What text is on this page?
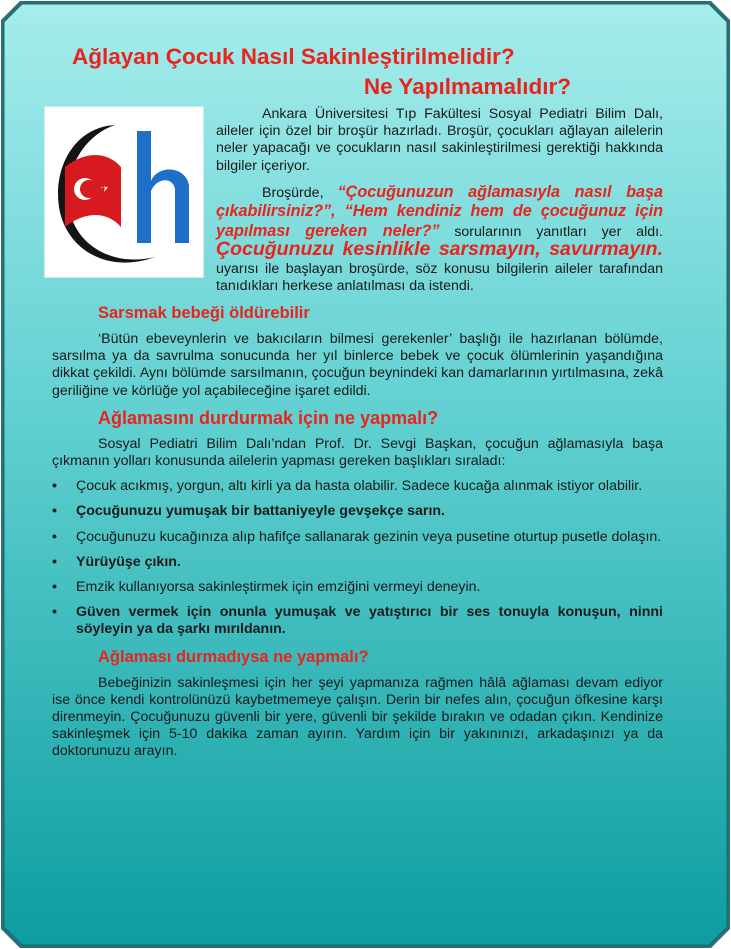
Ağlayan Çocuk Nasıl Sakinleştirilmelidir?
Ne Yapılmamalıdır?

Ankara Üniversitesi Tıp Fakültesi Sosyal Pediatri Bilim Dalı, aileler için özel bir broşür hazırladı. Broşür, çocukları ağlayan ailelerin neler yapacağı ve çocukların nasıl sakinleştirilmesi gerektiği hakkında bilgiler içeriyor.

Broşürde, “Çocuğunuzun ağlamasıyla nasıl başa çıkabilirsiniz?”, “Hem kendiniz hem de çocuğunuz için yapılması gereken neler?” sorularının yanıtları yer aldı. Çocuğunuzu kesinlikle sarsmayın, savurmayın. uyarısı ile başlayan broşürde, söz konusu bilgilerin aileler tarafından tanıdıkları herkese anlatılması da istendi.

Sarsmak bebeği öldürebilir

‘Bütün ebeveynlerin ve bakıcıların bilmesi gerekenler’ başlığı ile hazırlanan bölümde, sarsılma ya da savrulma sonucunda her yıl binlerce bebek ve çocuk ölümlerinin yaşandığına dikkat çekildi. Aynı bölümde sarsılmanın, çocuğun beynindeki kan damarlarının yırtılmasına, zekâ geriliğine ve körlüğe yol açabileceğine işaret edildi.

Ağlamasını durdurmak için ne yapmalı?

Sosyal Pediatri Bilim Dalı’ndan Prof. Dr. Sevgi Başkan, çocuğun ağlamasıyla başa çıkmanın yolları konusunda ailelerin yapması gereken başlıkları sıraladı:

• Çocuk acıkmış, yorgun, altı kirli ya da hasta olabilir. Sadece kucağa alınmak istiyor olabilir.
• Çocuğunuzu yumuşak bir battaniyeyle gevşekçe sarın.
• Çocuğunuzu kucağınıza alıp hafifçe sallanarak gezinin veya pusetine oturtup pusetle dolaşın.
• Yürüyüşe çıkın.
• Emzik kullanıyorsa sakinleştirmek için emziğini vermeyi deneyin.
• Güven vermek için onunla yumuşak ve yatıştırıcı bir ses tonuyla konuşun, ninni söyleyin ya da şarkı mırıldanın.
Ağlaması durmadıysa ne yapmalı?

Bebeğinizin sakinleşmesi için her şeyi yapmanıza rağmen hâlâ ağlaması devam ediyor ise önce kendi kontrolünüzü kaybetmemeye çalışın. Derin bir nefes alın, çocuğun öfkesine karşı direnmeyin. Çocuğunuzu güvenli bir yere, güvenli bir şekilde bırakın ve odadan çıkın. Kendinize sakinleşmek için 5-10 dakika zaman ayırın. Yardım için bir yakınınızı, arkadaşınızı ya da doktorunuzu arayın.
